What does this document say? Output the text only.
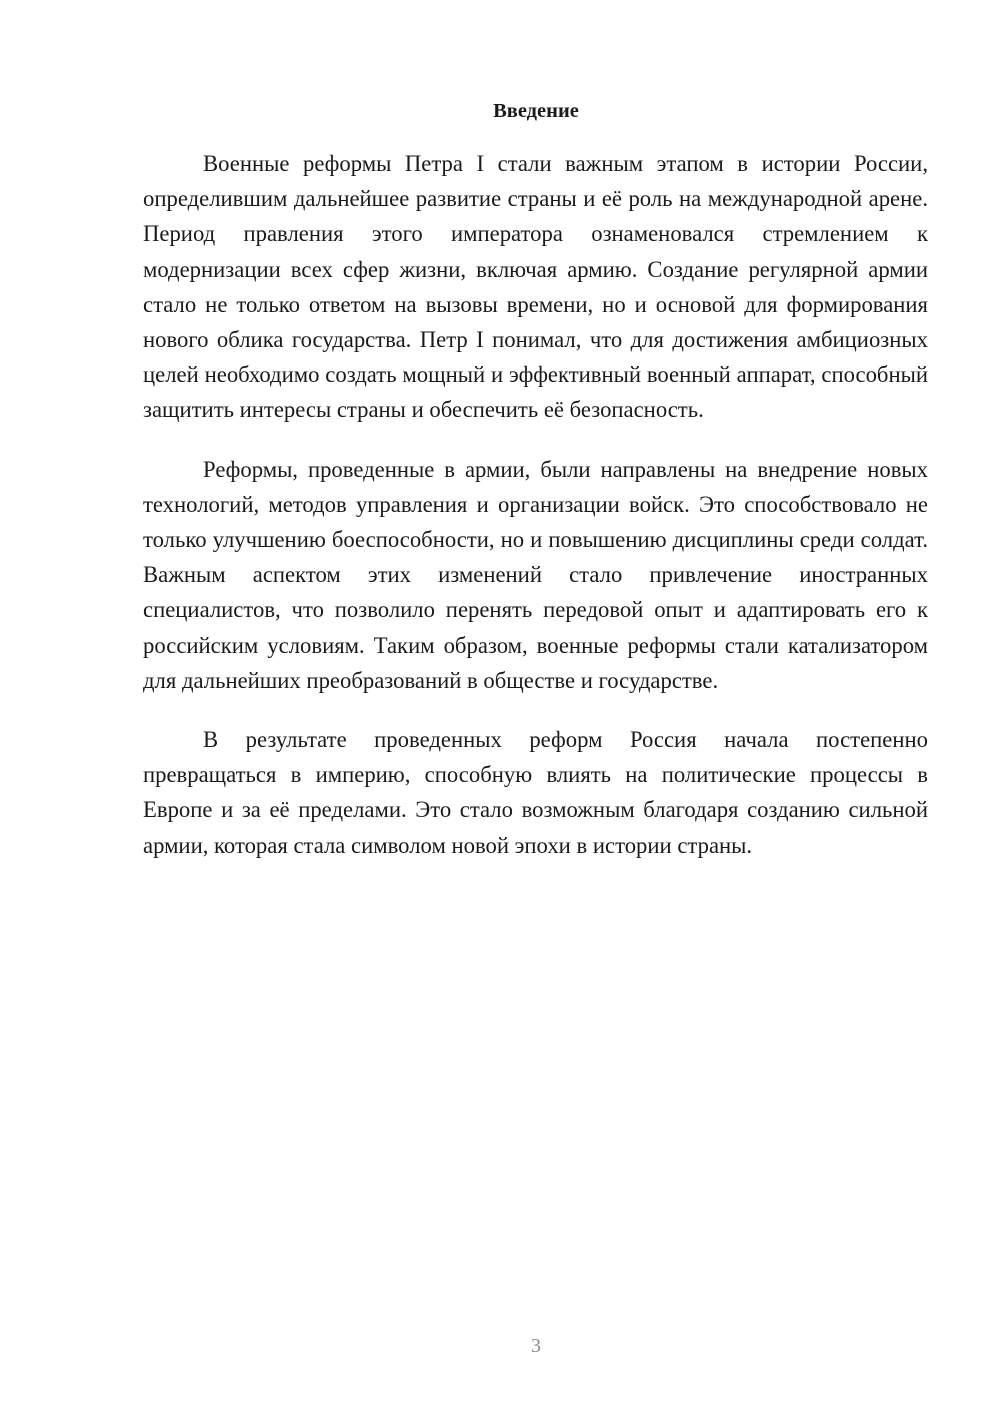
Введение

Военные реформы Петра I стали важным этапом в истории России, определившим дальнейшее развитие страны и её роль на международной арене. Период правления этого императора ознаменовался стремлением к модернизации всех сфер жизни, включая армию. Создание регулярной армии стало не только ответом на вызовы времени, но и основой для формирования нового облика государства. Петр I понимал, что для достижения амбициозных целей необходимо создать мощный и эффективный военный аппарат, способный защитить интересы страны и обеспечить её безопасность.

Реформы, проведенные в армии, были направлены на внедрение новых технологий, методов управления и организации войск. Это способствовало не только улучшению боеспособности, но и повышению дисциплины среди солдат. Важным аспектом этих изменений стало привлечение иностранных специалистов, что позволило перенять передовой опыт и адаптировать его к российским условиям. Таким образом, военные реформы стали катализатором для дальнейших преобразований в обществе и государстве.

В результате проведенных реформ Россия начала постепенно превращаться в империю, способную влиять на политические процессы в Европе и за её пределами. Это стало возможным благодаря созданию сильной армии, которая стала символом новой эпохи в истории страны.

3
